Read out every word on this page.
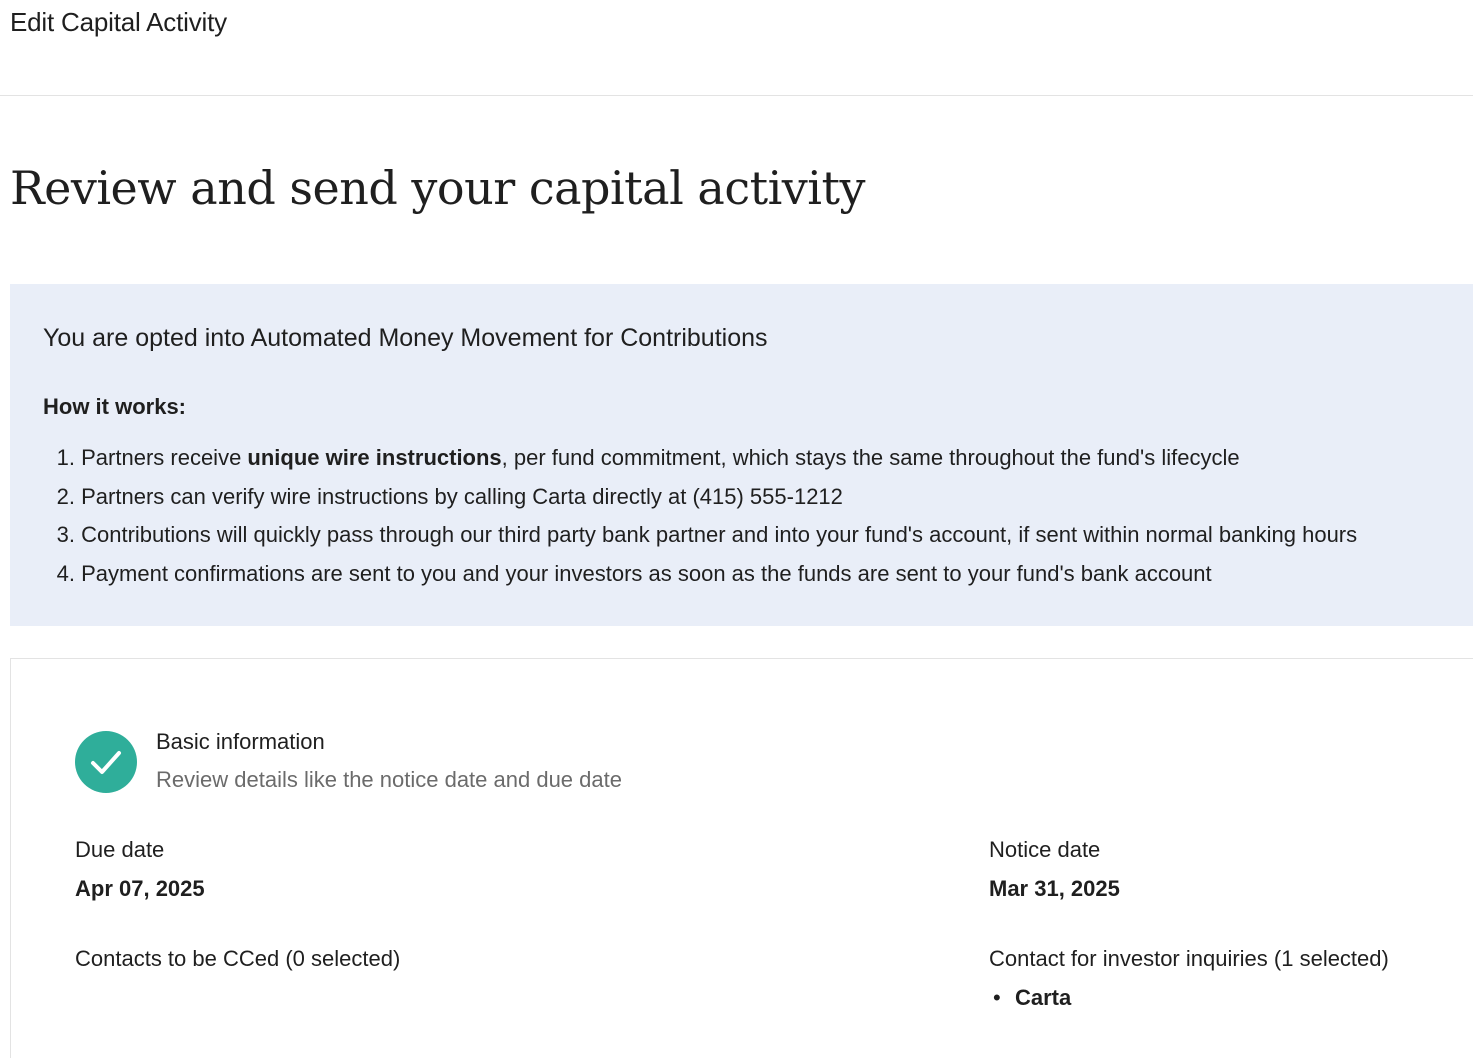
Edit Capital Activity
Review and send your capital activity
You are opted into Automated Money Movement for Contributions
How it works:
1. Partners receive unique wire instructions, per fund commitment, which stays the same throughout the fund's lifecycle
2. Partners can verify wire instructions by calling Carta directly at (415) 555-1212
3. Contributions will quickly pass through our third party bank partner and into your fund's account, if sent within normal banking hours
4. Payment confirmations are sent to you and your investors as soon as the funds are sent to your fund's bank account
Basic information
Review details like the notice date and due date
Due date
Apr 07, 2025
Notice date
Mar 31, 2025
Contacts to be CCed (0 selected)	Contact for investor inquiries (1 selected)
• Carta
